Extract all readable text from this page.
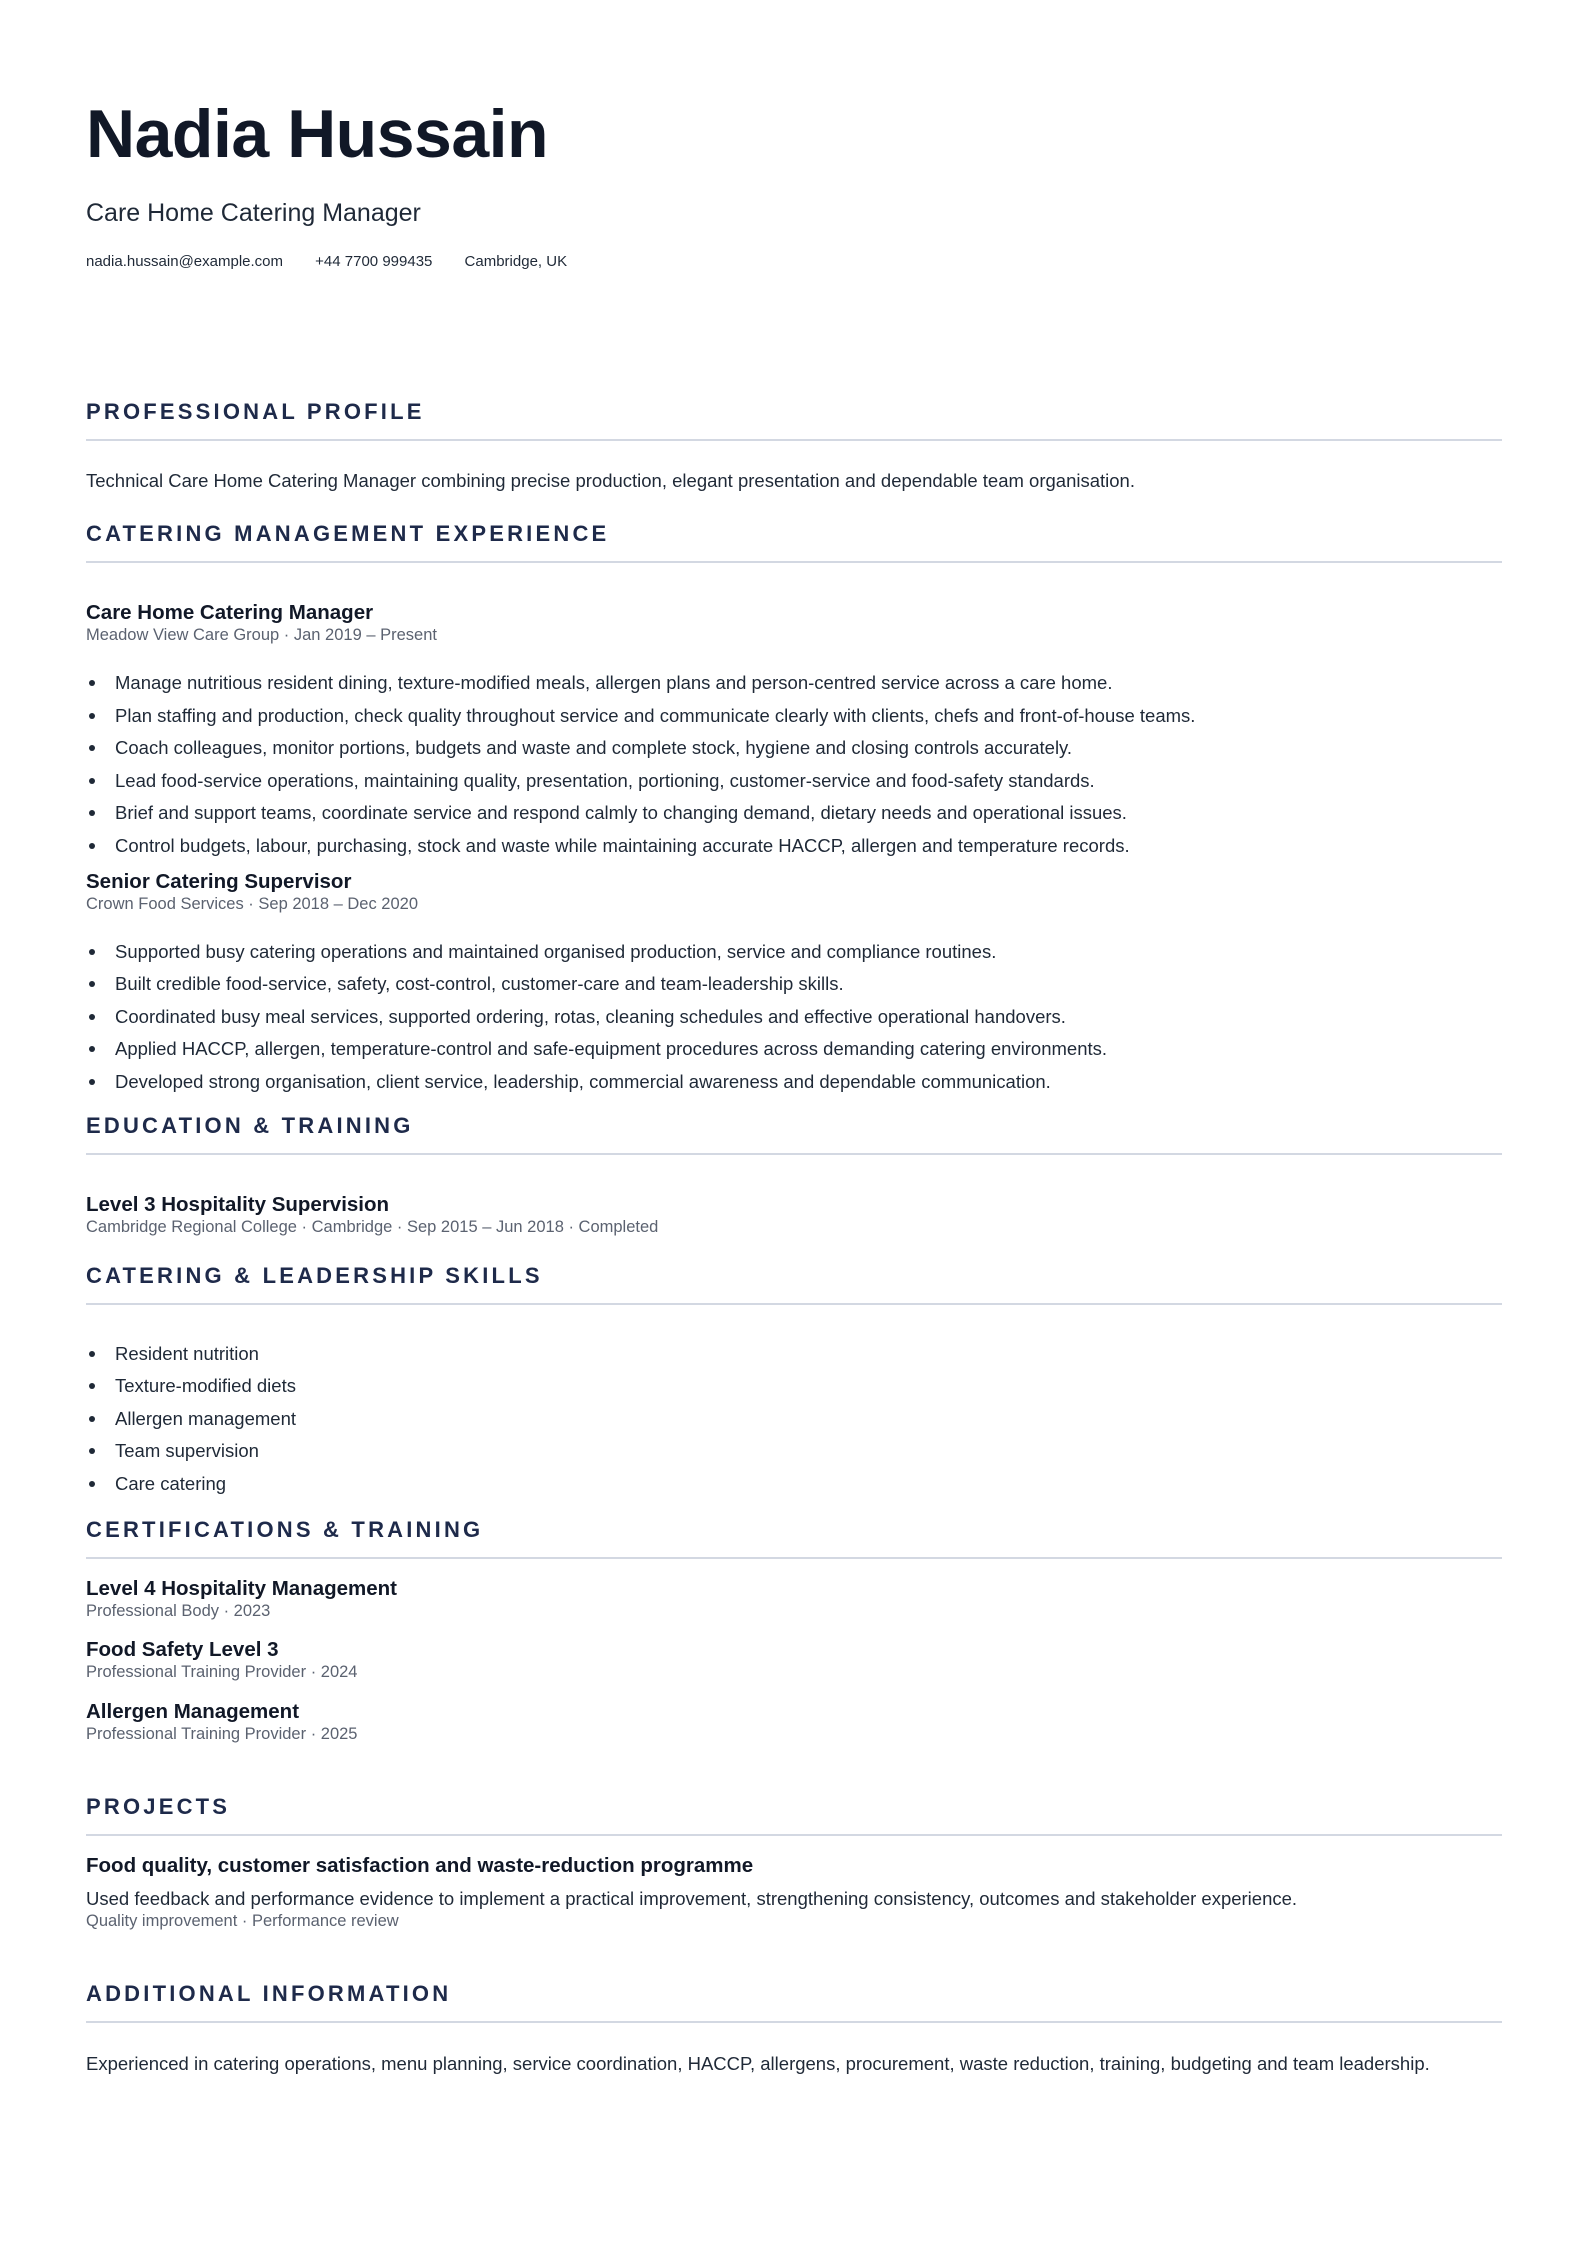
Nadia Hussain
Care Home Catering Manager
nadia.hussain@example.com +44 7700 999435 Cambridge, UK
PROFESSIONAL PROFILE
Technical Care Home Catering Manager combining precise production, elegant presentation and dependable team organisation.
CATERING MANAGEMENT EXPERIENCE
Care Home Catering Manager
Meadow View Care Group · Jan 2019 – Present
Manage nutritious resident dining, texture-modified meals, allergen plans and person-centred service across a care home.
Plan staffing and production, check quality throughout service and communicate clearly with clients, chefs and front-of-house teams.
Coach colleagues, monitor portions, budgets and waste and complete stock, hygiene and closing controls accurately.
Lead food-service operations, maintaining quality, presentation, portioning, customer-service and food-safety standards.
Brief and support teams, coordinate service and respond calmly to changing demand, dietary needs and operational issues.
Control budgets, labour, purchasing, stock and waste while maintaining accurate HACCP, allergen and temperature records.
Senior Catering Supervisor
Crown Food Services · Sep 2018 – Dec 2020
Supported busy catering operations and maintained organised production, service and compliance routines.
Built credible food-service, safety, cost-control, customer-care and team-leadership skills.
Coordinated busy meal services, supported ordering, rotas, cleaning schedules and effective operational handovers.
Applied HACCP, allergen, temperature-control and safe-equipment procedures across demanding catering environments.
Developed strong organisation, client service, leadership, commercial awareness and dependable communication.
EDUCATION & TRAINING
Level 3 Hospitality Supervision
Cambridge Regional College · Cambridge · Sep 2015 – Jun 2018 · Completed
CATERING & LEADERSHIP SKILLS
Resident nutrition
Texture-modified diets
Allergen management
Team supervision
Care catering
CERTIFICATIONS & TRAINING
Level 4 Hospitality Management
Professional Body · 2023
Food Safety Level 3
Professional Training Provider · 2024
Allergen Management
Professional Training Provider · 2025
PROJECTS
Food quality, customer satisfaction and waste-reduction programme
Used feedback and performance evidence to implement a practical improvement, strengthening consistency, outcomes and stakeholder experience.
Quality improvement · Performance review
ADDITIONAL INFORMATION
Experienced in catering operations, menu planning, service coordination, HACCP, allergens, procurement, waste reduction, training, budgeting and team leadership.
